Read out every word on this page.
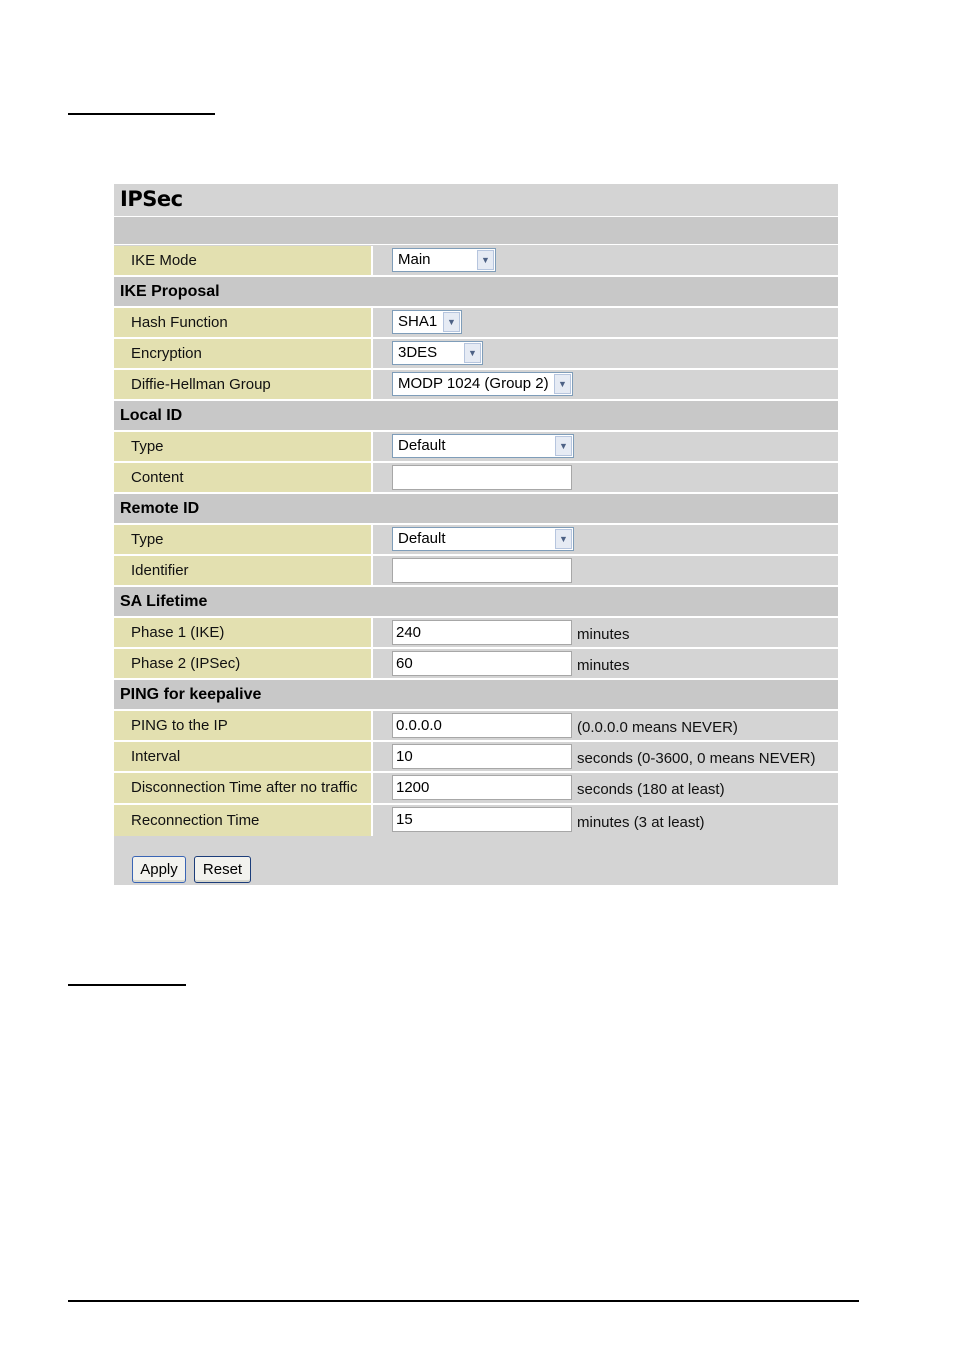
IPSec
IKE Mode	Main	▼
IKE Proposal
Hash Function	SHA1	▼
Encryption	3DES	▼
Diffie-Hellman Group	MODP 1024 (Group 2)	▼
Local ID
Type	Default	▼
Content
Remote ID
Type	Default	▼
Identifier
SA Lifetime
Phase 1 (IKE)	240	minutes
Phase 2 (IPSec)	60	minutes
PING for keepalive
PING to the IP	0.0.0.0	(0.0.0.0 means NEVER)
Interval	10	seconds (0-3600, 0 means NEVER)
Disconnection Time after no traffic	1200	seconds (180 at least)
Reconnection Time	15	minutes (3 at least)
Apply	Reset
